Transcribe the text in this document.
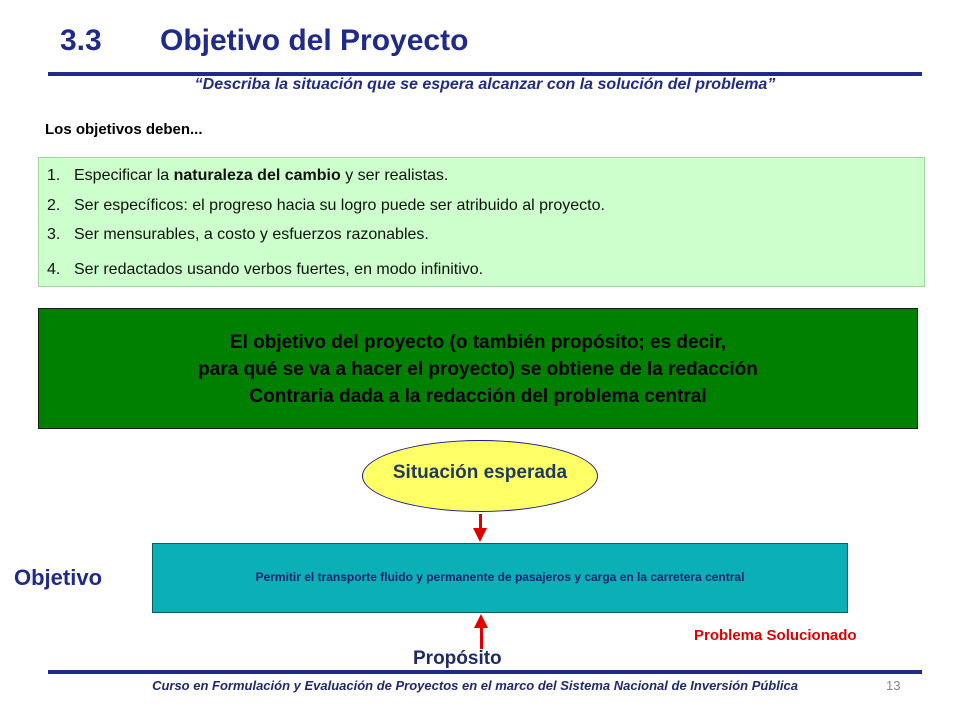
3.3 Objetivo del Proyecto
“Describa la situación que se espera alcanzar con la solución del problema”
Los objetivos deben...
1. Especificar la naturaleza del cambio y ser realistas.
2. Ser específicos: el progreso hacia su logro puede ser atribuido al proyecto.
3. Ser mensurables, a costo y esfuerzos razonables.
4. Ser redactados usando verbos fuertes, en modo infinitivo.
El objetivo del proyecto (o también propósito; es decir,
para qué se va a hacer el proyecto) se obtiene de la redacción
Contraria dada a la redacción del problema central
Situación esperada
Objetivo	Permitir el transporte fluido y permanente de pasajeros y carga en la carretera central
Problema Solucionado
Propósito
Curso en Formulación y Evaluación de Proyectos en el marco del Sistema Nacional de Inversión Pública	13
